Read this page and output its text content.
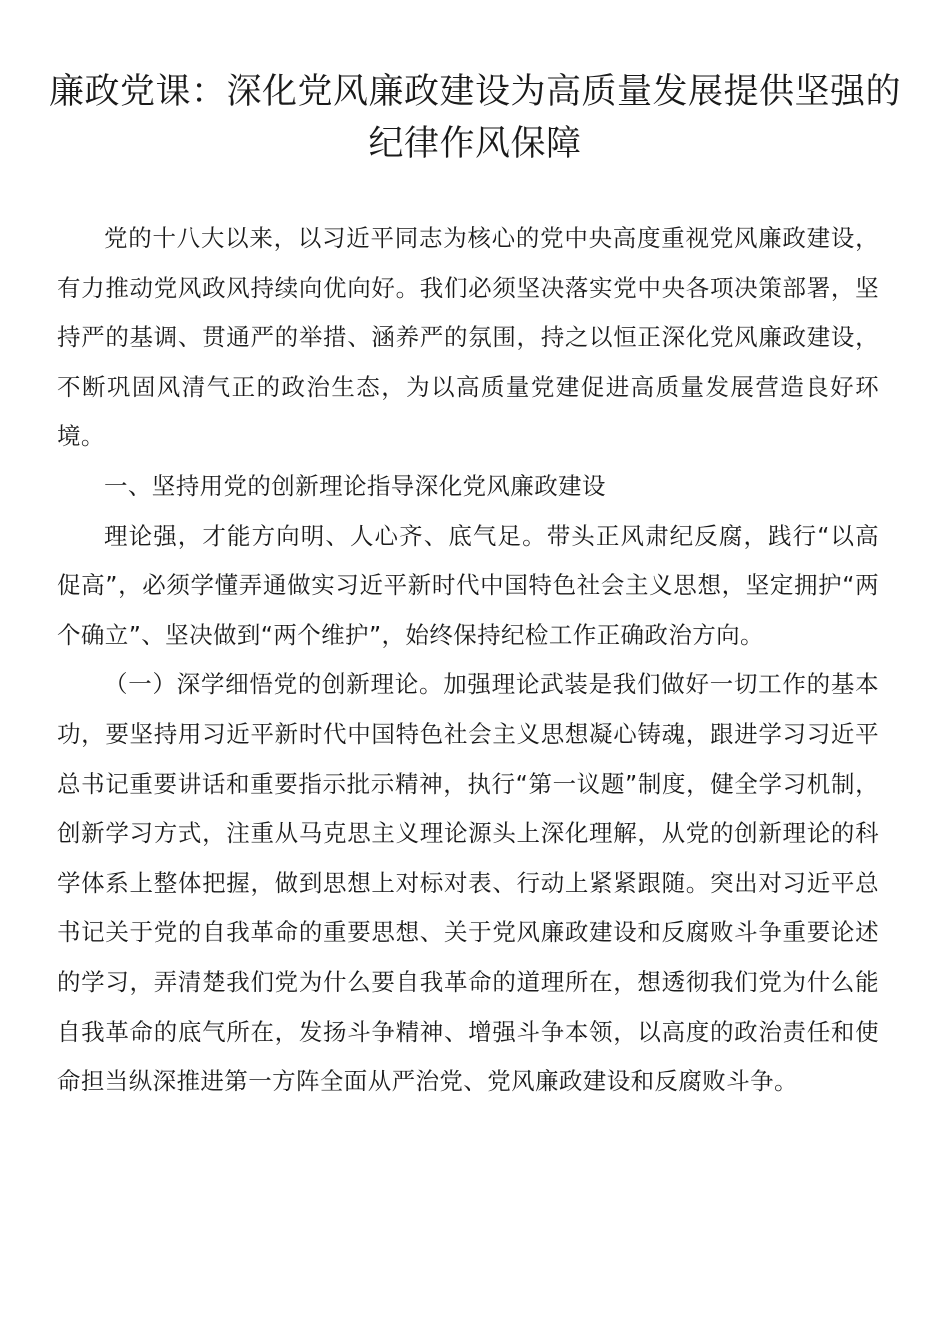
廉政党课：深化党风廉政建设为高质量发展提供坚强的纪律作风保障

党的十八大以来，以习近平同志为核心的党中央高度重视党风廉政建设，有力推动党风政风持续向优向好。我们必须坚决落实党中央各项决策部署，坚持严的基调、贯通严的举措、涵养严的氛围，持之以恒正深化党风廉政建设，不断巩固风清气正的政治生态，为以高质量党建促进高质量发展营造良好环境。

一、坚持用党的创新理论指导深化党风廉政建设

理论强，才能方向明、人心齐、底气足。带头正风肃纪反腐，践行“以高促高”，必须学懂弄通做实习近平新时代中国特色社会主义思想，坚定拥护“两个确立”、坚决做到“两个维护”，始终保持纪检工作正确政治方向。

（一）深学细悟党的创新理论。加强理论武装是我们做好一切工作的基本功，要坚持用习近平新时代中国特色社会主义思想凝心铸魂，跟进学习习近平总书记重要讲话和重要指示批示精神，执行“第一议题”制度，健全学习机制，创新学习方式，注重从马克思主义理论源头上深化理解，从党的创新理论的科学体系上整体把握，做到思想上对标对表、行动上紧紧跟随。突出对习近平总书记关于党的自我革命的重要思想、关于党风廉政建设和反腐败斗争重要论述的学习，弄清楚我们党为什么要自我革命的道理所在，想透彻我们党为什么能自我革命的底气所在，发扬斗争精神、增强斗争本领，以高度的政治责任和使命担当纵深推进第一方阵全面从严治党、党风廉政建设和反腐败斗争。
